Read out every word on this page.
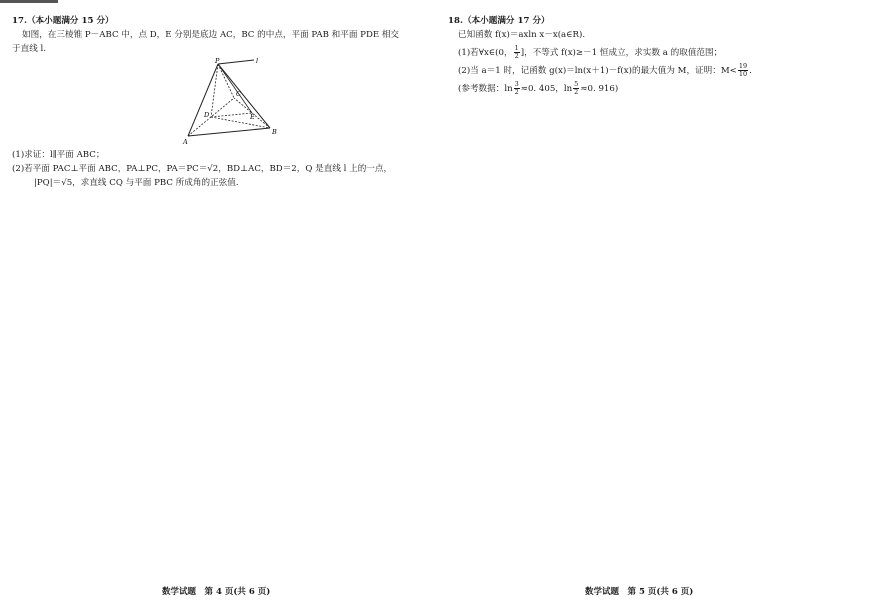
17.（本小题满分 15 分）
如图，在三棱锥 P－ABC 中，点 D，E 分别是底边 AC，BC 的中点，平面 PAB 和平面 PDE 相交
于直线 l.
P	l
C
D	E
A
B
(1)求证：l∥平面 ABC；
(2)若平面 PAC⊥平面 ABC，PA⊥PC，PA＝PC＝√2，BD⊥AC，BD＝2，Q 是直线 l 上的一点，
|PQ|＝√5，求直线 CQ 与平面 PBC 所成角的正弦值.
18.（本小题满分 17 分）
已知函数 f(x)＝axln x－x(a∈R).
(1)若∀x∈(0， $\frac{1}{2}$ ]，不等式 f(x)≥－1 恒成立，求实数 a 的取值范围；
(2)当 a＝1 时，记函数 g(x)＝ln(x＋1)－f(x)的最大值为 M，证明：$M< \frac{19}{10}$ .
(参考数据：$\ln \frac{3}{2} \approx 0$. 405，$\ln \frac{5}{2} \approx 0$. 916)
数学试题　第 4 页(共 6 页)	数学试题　第 5 页(共 6 页)
